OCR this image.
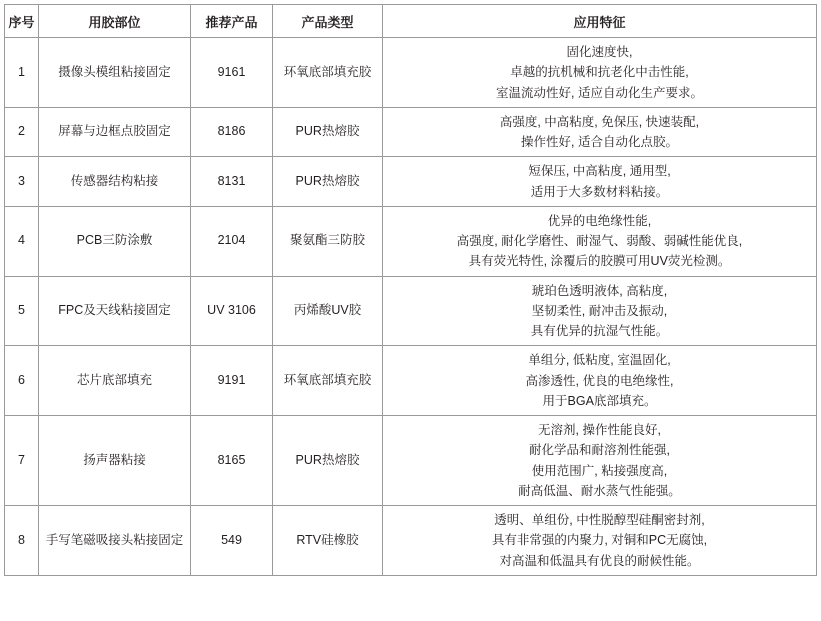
序号	用胶部位	推荐产品	产品类型	应用特征
1	摄像头模组粘接固定	9161	环氧底部填充胶	固化速度快,
卓越的抗机械和抗老化中击性能,
室温流动性好, 适应自动化生产要求。

2	屏幕与边框点胶固定	8186	PUR热熔胶	高强度, 中高粘度, 免保压, 快速装配,
操作性好, 适合自动化点胶。

3	传感器结构粘接	8131	PUR热熔胶	短保压, 中高粘度, 通用型,
适用于大多数材料粘接。

4	PCB三防涂敷	2104	聚氨酯三防胶	优异的电绝缘性能,
高强度, 耐化学磨性、耐湿气、弱酸、弱碱性能优良,
具有荧光特性, 涂覆后的胶膜可用UV荧光检测。

5	FPC及天线粘接固定	UV 3106	丙烯酸UV胶	琥珀色透明液体, 高粘度,
坚韧柔性, 耐冲击及振动,
具有优异的抗湿气性能。

6	芯片底部填充	9191	环氧底部填充胶	单组分, 低粘度, 室温固化,
高渗透性, 优良的电绝缘性,
用于BGA底部填充。

7	扬声器粘接	8165	PUR热熔胶	无溶剂, 操作性能良好,
耐化学品和耐溶剂性能强,
使用范围广, 粘接强度高,
耐高低温、耐水蒸气性能强。

8	手写笔磁吸接头粘接固定	549	RTV硅橡胶	透明、单组份, 中性脱醇型硅酮密封剂,
具有非常强的内聚力, 对铜和PC无腐蚀,
对高温和低温具有优良的耐候性能。
